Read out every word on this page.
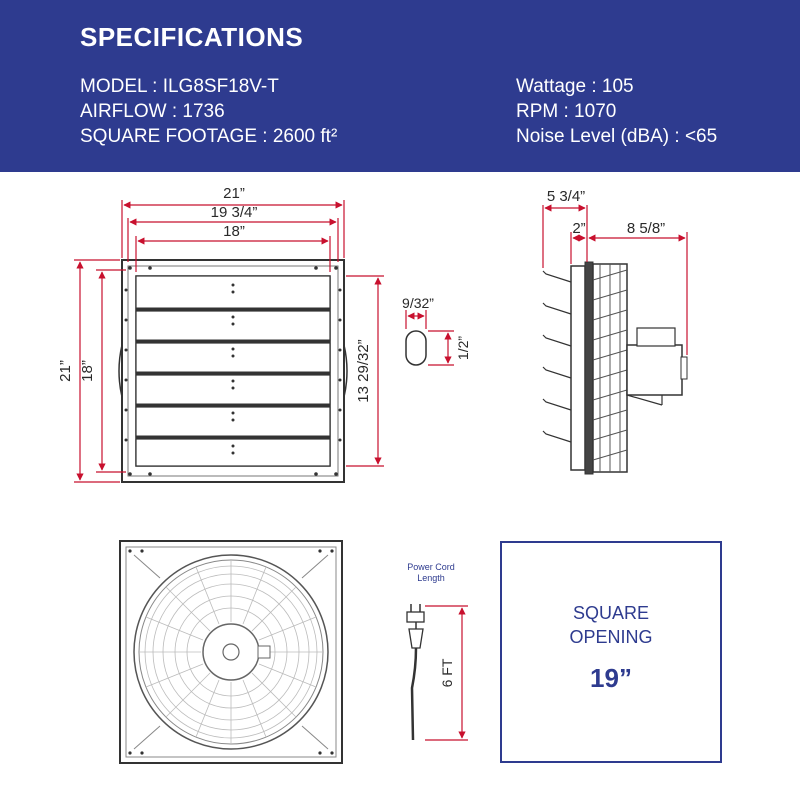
SPECIFICATIONS
MODEL : ILG8SF18V-T
AIRFLOW : 1736
SQUARE FOOTAGE : 2600 ft²
Wattage : 105
RPM : 1070
Noise Level (dBA) : <65
21”
19 3/4”
18”
21” 18”	13 29/32”
9/32”
1/2”
5 3/4”
2”	8 5/8”
6 FT
Power Cord Length
SQUARE
OPENING
19”
